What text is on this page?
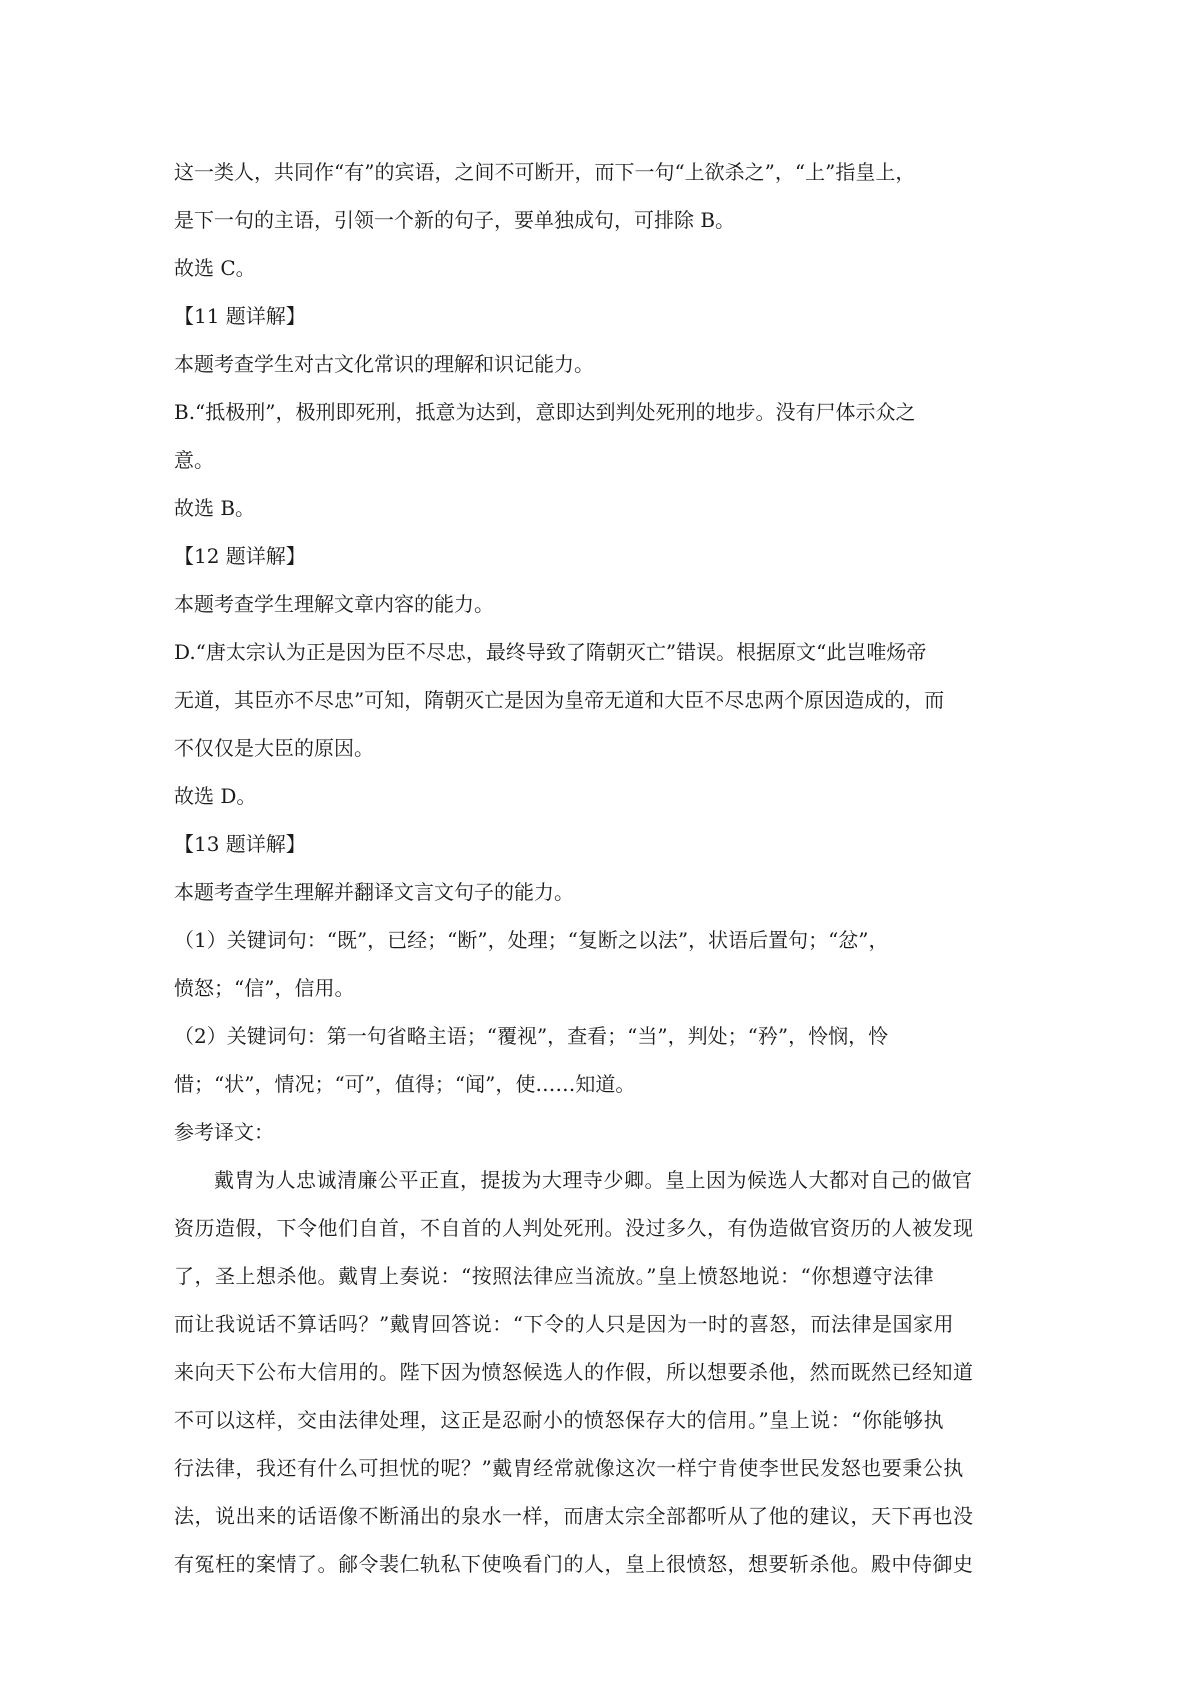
这一类人，共同作“有”的宾语，之间不可断开，而下一句“上欲杀之”，“上”指皇上，
是下一句的主语，引领一个新的句子，要单独成句，可排除 B。
故选 C。
【11 题详解】
本题考查学生对古文化常识的理解和识记能力。
B.“抵极刑”，极刑即死刑，抵意为达到，意即达到判处死刑的地步。没有尸体示众之
意。
故选 B。
【12 题详解】
本题考查学生理解文章内容的能力。
D.“唐太宗认为正是因为臣不尽忠，最终导致了隋朝灭亡”错误。根据原文“此岂唯炀帝
无道，其臣亦不尽忠”可知，隋朝灭亡是因为皇帝无道和大臣不尽忠两个原因造成的，而
不仅仅是大臣的原因。
故选 D。
【13 题详解】
本题考查学生理解并翻译文言文句子的能力。
（1）关键词句：“既”，已经；“断”，处理；“复断之以法”，状语后置句；“忿”，
愤怒；“信”，信用。
（2）关键词句：第一句省略主语；“覆视”，查看；“当”，判处；“矜”，怜悯，怜
惜；“状”，情况；“可”，值得；“闻”，使……知道。
参考译文：
戴胄为人忠诚清廉公平正直，提拔为大理寺少卿。皇上因为候选人大都对自己的做官
资历造假，下令他们自首，不自首的人判处死刑。没过多久，有伪造做官资历的人被发现
了，圣上想杀他。戴胄上奏说：“按照法律应当流放。”皇上愤怒地说：“你想遵守法律
而让我说话不算话吗？”戴胄回答说：“下令的人只是因为一时的喜怒，而法律是国家用
来向天下公布大信用的。陛下因为愤怒候选人的作假，所以想要杀他，然而既然已经知道
不可以这样，交由法律处理，这正是忍耐小的愤怒保存大的信用。”皇上说：“你能够执
行法律，我还有什么可担忧的呢？”戴胄经常就像这次一样宁肯使李世民发怒也要秉公执
法，说出来的话语像不断涌出的泉水一样，而唐太宗全部都听从了他的建议，天下再也没
有冤枉的案情了。鄃令裴仁轨私下使唤看门的人，皇上很愤怒，想要斩杀他。殿中侍御史
